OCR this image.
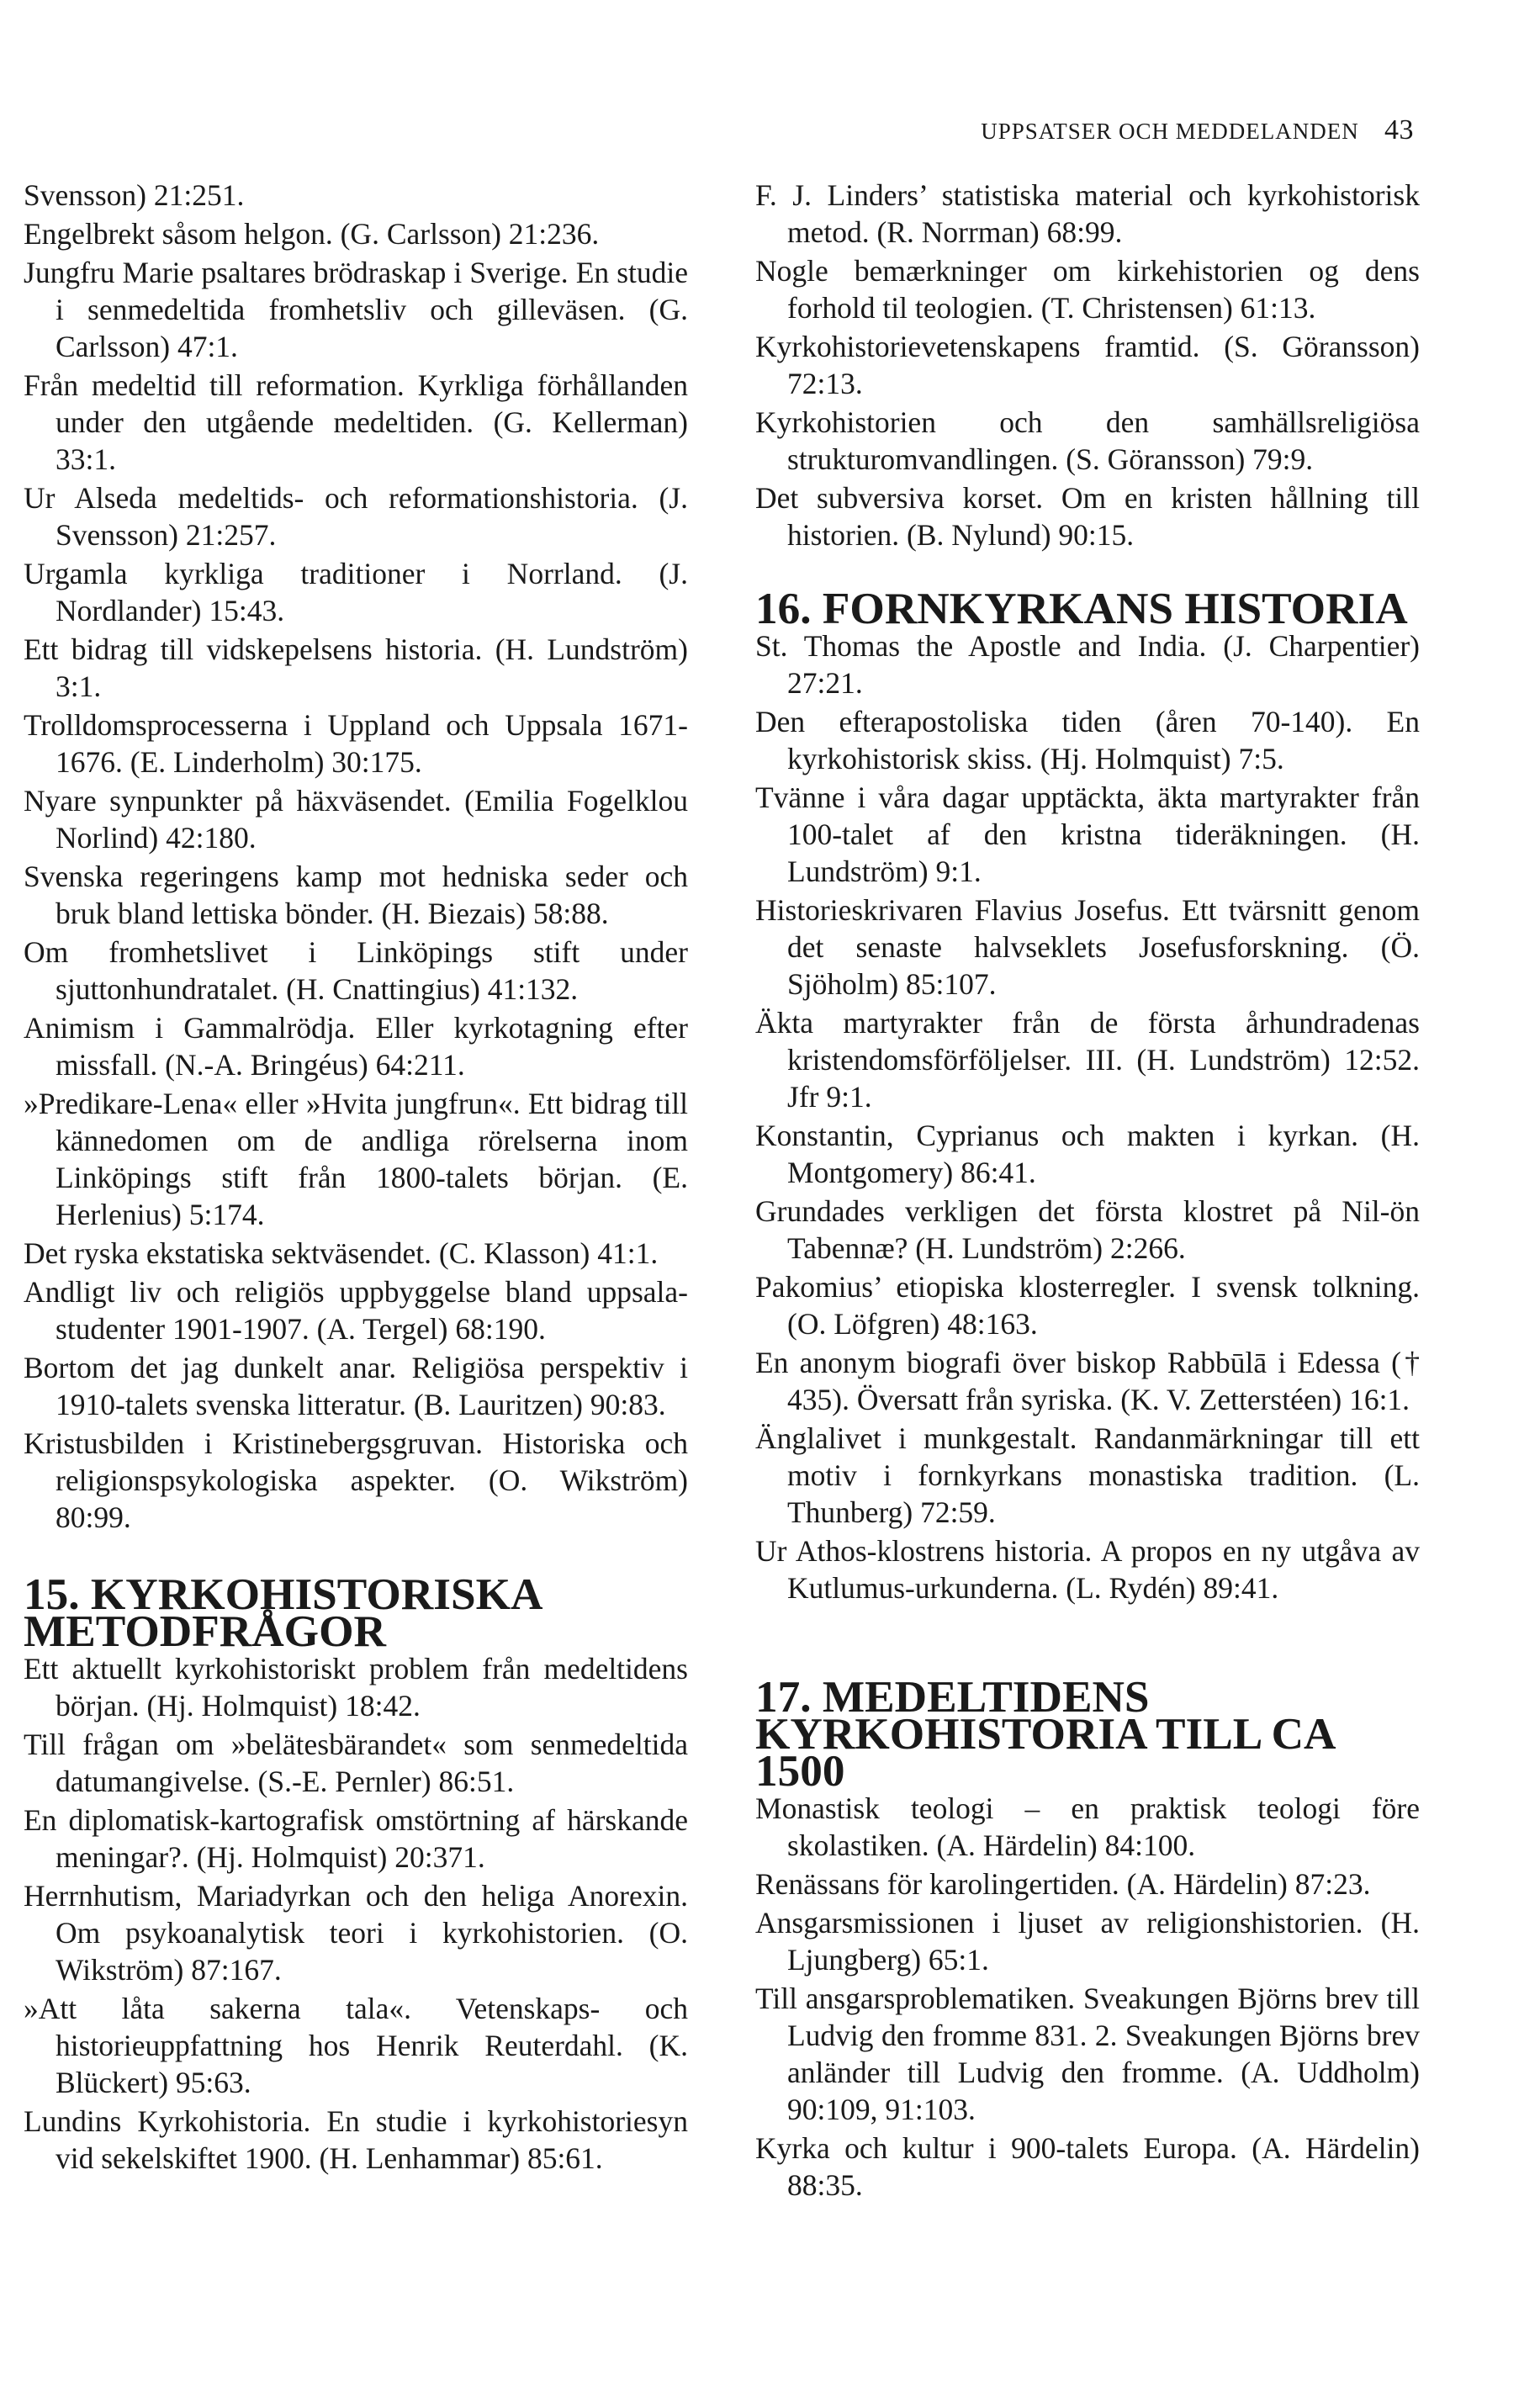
UPPSATSER OCH MEDDELANDEN 43

Svensson) 21:251.

Engelbrekt såsom helgon. (G. Carlsson) 21:236.

Jungfru Marie psaltares brödraskap i Sverige. En studie i senmedeltida fromhetsliv och gilleväsen. (G. Carlsson) 47:1.

Från medeltid till reformation. Kyrkliga förhållanden under den utgående medeltiden. (G. Kellerman) 33:1.

Ur Alseda medeltids- och reformationshistoria. (J. Svensson) 21:257.

Urgamla kyrkliga traditioner i Norrland. (J. Nordlander) 15:43.

Ett bidrag till vidskepelsens historia. (H. Lundström) 3:1.

Trolldomsprocesserna i Uppland och Uppsala 1671-1676. (E. Linderholm) 30:175.

Nyare synpunkter på häxväsendet. (Emilia Fogelklou Norlind) 42:180.

Svenska regeringens kamp mot hedniska seder och bruk bland lettiska bönder. (H. Biezais) 58:88.

Om fromhetslivet i Linköpings stift under sjuttonhundratalet. (H. Cnattingius) 41:132.

Animism i Gammalrödja. Eller kyrkotagning efter missfall. (N.-A. Bringéus) 64:211.

»Predikare-Lena« eller »Hvita jungfrun«. Ett bidrag till kännedomen om de andliga rörelserna inom Linköpings stift från 1800-talets början. (E. Herlenius) 5:174.

Det ryska ekstatiska sektväsendet. (C. Klasson) 41:1.

Andligt liv och religiös uppbyggelse bland uppsala-studenter 1901-1907. (A. Tergel) 68:190.

Bortom det jag dunkelt anar. Religiösa perspektiv i 1910-talets svenska litteratur. (B. Lauritzen) 90:83.

Kristusbilden i Kristinebergsgruvan. Historiska och religionspsykologiska aspekter. (O. Wikström) 80:99.

15. KYRKOHISTORISKA METODFRÅGOR

Ett aktuellt kyrkohistoriskt problem från medeltidens början. (Hj. Holmquist) 18:42.

Till frågan om »belätesbärandet« som senmedeltida datumangivelse. (S.-E. Pernler) 86:51.

En diplomatisk-kartografisk omstörtning af härskande meningar?. (Hj. Holmquist) 20:371.

Herrnhutism, Mariadyrkan och den heliga Anorexin. Om psykoanalytisk teori i kyrkohistorien. (O. Wikström) 87:167.

»Att låta sakerna tala«. Vetenskaps- och historieuppfattning hos Henrik Reuterdahl. (K. Blückert) 95:63.

Lundins Kyrkohistoria. En studie i kyrkohistoriesyn vid sekelskiftet 1900. (H. Lenhammar) 85:61.

F. J. Linders’ statistiska material och kyrkohistorisk metod. (R. Norrman) 68:99.

Nogle bemærkninger om kirkehistorien og dens forhold til teologien. (T. Christensen) 61:13.

Kyrkohistorievetenskapens framtid. (S. Göransson) 72:13.

Kyrkohistorien och den samhällsreligiösa strukturomvandlingen. (S. Göransson) 79:9.

Det subversiva korset. Om en kristen hållning till historien. (B. Nylund) 90:15.

16. FORNKYRKANS HISTORIA

St. Thomas the Apostle and India. (J. Charpentier) 27:21.

Den efterapostoliska tiden (åren 70-140). En kyrkohistorisk skiss. (Hj. Holmquist) 7:5.

Tvänne i våra dagar upptäckta, äkta martyrakter från 100-talet af den kristna tideräkningen. (H. Lundström) 9:1.

Historieskrivaren Flavius Josefus. Ett tvärsnitt genom det senaste halvseklets Josefusforskning. (Ö. Sjöholm) 85:107.

Äkta martyrakter från de första århundradenas kristendomsförföljelser. III. (H. Lundström) 12:52. Jfr 9:1.

Konstantin, Cyprianus och makten i kyrkan. (H. Montgomery) 86:41.

Grundades verkligen det första klostret på Nil-ön Tabennæ? (H. Lundström) 2:266.

Pakomius’ etiopiska klosterregler. I svensk tolkning. (O. Löfgren) 48:163.

En anonym biografi över biskop Rabbūlā i Edessa († 435). Översatt från syriska. (K. V. Zetterstéen) 16:1.

Änglalivet i munkgestalt. Randanmärkningar till ett motiv i fornkyrkans monastiska tradition. (L. Thunberg) 72:59.

Ur Athos-klostrens historia. A propos en ny utgåva av Kutlumus-urkunderna. (L. Rydén) 89:41.

17. MEDELTIDENS KYRKOHISTORIA TILL CA 1500

Monastisk teologi – en praktisk teologi före skolastiken. (A. Härdelin) 84:100.

Renässans för karolingertiden. (A. Härdelin) 87:23.

Ansgarsmissionen i ljuset av religionshistorien. (H. Ljungberg) 65:1.

Till ansgarsproblematiken. Sveakungen Björns brev till Ludvig den fromme 831. 2. Sveakungen Björns brev anländer till Ludvig den fromme. (A. Uddholm) 90:109, 91:103.

Kyrka och kultur i 900-talets Europa. (A. Härdelin) 88:35.
